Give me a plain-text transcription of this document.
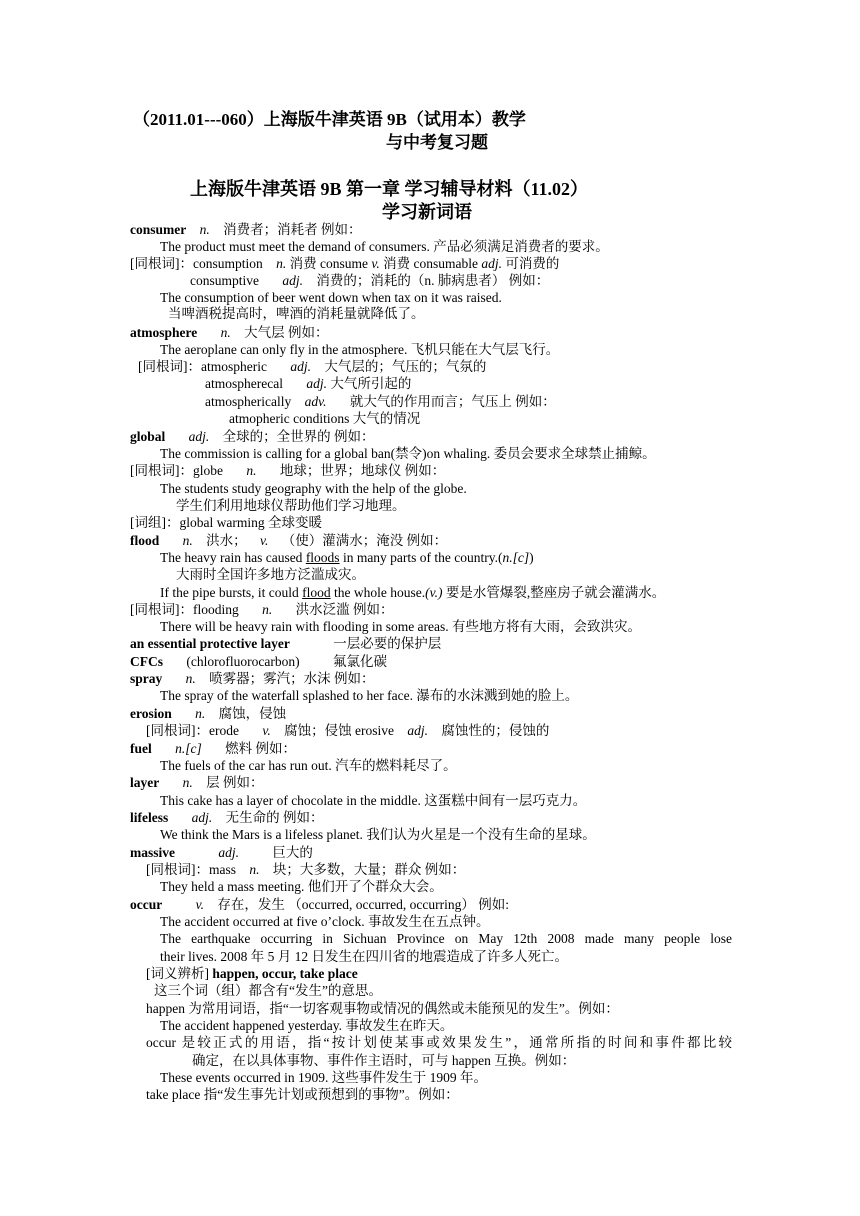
（2011.01---060）上海版牛津英语 9B（试用本）教学
与中考复习题
上海版牛津英语 9B 第一章 学习辅导材料（11.02）
学习新词语
consumer n. 消费者；消耗者 例如：
The product must meet the demand of consumers. 产品必须满足消费者的要求。
[同根词]：consumption n. 消费 consume v. 消费 consumable adj. 可消费的
consumptive adj. 消费的；消耗的（n. 肺病患者） 例如：
The consumption of beer went down when tax on it was raised.
当啤酒税提高时，啤酒的消耗量就降低了。
atmosphere n. 大气层 例如：
The aeroplane can only fly in the atmosphere. 飞机只能在大气层飞行。
[同根词]：atmospheric adj. 大气层的；气压的；气氛的
atmospherecal adj. 大气所引起的
atmospherically adv. 就大气的作用而言；气压上 例如：
atmopheric conditions 大气的情况
global adj. 全球的；全世界的 例如：
The commission is calling for a global ban(禁令)on whaling. 委员会要求全球禁止捕鲸。
[同根词]：globe n. 地球；世界；地球仪 例如：
The students study geography with the help of the globe.
学生们利用地球仪帮助他们学习地理。
[词组]：global warming 全球变暖
flood n. 洪水； v. （使）灌满水；淹没 例如：
The heavy rain has caused floods in many parts of the country.(n.[c])
大雨时全国许多地方泛滥成灾。
If the pipe bursts, it could flood the whole house.(v.) 要是水管爆裂,整座房子就会灌满水。
[同根词]：flooding n. 洪水泛滥 例如：
There will be heavy rain with flooding in some areas. 有些地方将有大雨，会致洪灾。
an essential protective layer	一层必要的保护层
CFCs (chlorofluorocarbon) 氟氯化碳
spray n. 喷雾器；雾汽；水沫 例如：
The spray of the waterfall splashed to her face. 瀑布的水沫溅到她的脸上。
erosion n. 腐蚀，侵蚀
[同根词]：erode v. 腐蚀；侵蚀 erosive adj. 腐蚀性的；侵蚀的
fuel n.[c] 燃料 例如：
The fuels of the car has run out. 汽车的燃料耗尽了。
layer n. 层 例如：
This cake has a layer of chocolate in the middle. 这蛋糕中间有一层巧克力。
lifeless adj. 无生命的 例如：
We think the Mars is a lifeless planet. 我们认为火星是一个没有生命的星球。
massive	adj. 巨大的
[同根词]：mass n. 块；大多数，大量；群众 例如：
They held a mass meeting. 他们开了个群众大会。
occur v. 存在，发生 （occurred, occurred, occurring） 例如:
The accident occurred at five o’clock. 事故发生在五点钟。
The earthquake occurring in Sichuan Province on May 12th 2008 made many people lose
their lives. 2008 年 5 月 12 日发生在四川省的地震造成了许多人死亡。
[词义辨析] happen, occur, take place
这三个词（组）都含有“发生”的意思。
happen 为常用词语，指“一切客观事物或情况的偶然或未能预见的发生”。例如：
The accident happened yesterday. 事故发生在昨天。
occur 是较正式的用语，指“按计划使某事或效果发生”，通常所指的时间和事件都比较
确定，在以具体事物、事件作主语时，可与 happen 互换。例如：
These events occurred in 1909. 这些事件发生于 1909 年。
take place 指“发生事先计划或预想到的事物”。例如：
